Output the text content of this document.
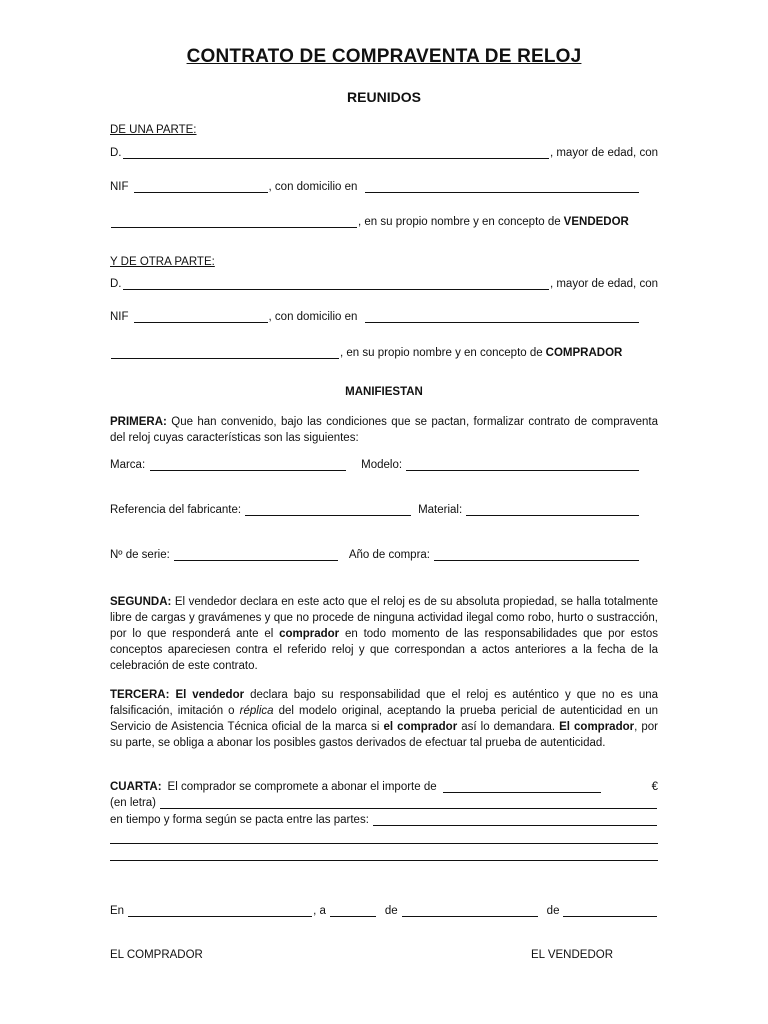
CONTRATO DE COMPRAVENTA DE RELOJ
REUNIDOS
DE UNA PARTE:
D.	, mayor de edad, con
NIF	, con domicilio en
, en su propio nombre y en concepto de VENDEDOR
Y DE OTRA PARTE:
D.	, mayor de edad, con
NIF	, con domicilio en
, en su propio nombre y en concepto de COMPRADOR
MANIFIESTAN
PRIMERA: Que han convenido, bajo las condiciones que se pactan, formalizar contrato de compraventa del reloj cuyas características son las siguientes:
Marca:	Modelo:
Referencia del fabricante:	Material:
Nº de serie:	Año de compra:
SEGUNDA: El vendedor declara en este acto que el reloj es de su absoluta propiedad, se halla totalmente libre de cargas y gravámenes y que no procede de ninguna actividad ilegal como robo, hurto o sustracción, por lo que responderá ante el comprador en todo momento de las responsabilidades que por estos conceptos apareciesen contra el referido reloj y que correspondan a actos anteriores a la fecha de la celebración de este contrato.
TERCERA: El vendedor declara bajo su responsabilidad que el reloj es auténtico y que no es una falsificación, imitación o réplica del modelo original, aceptando la prueba pericial de autenticidad en un Servicio de Asistencia Técnica oficial de la marca si el comprador así lo demandara. El comprador, por su parte, se obliga a abonar los posibles gastos derivados de efectuar tal prueba de autenticidad.
CUARTA: El comprador se compromete a abonar el importe de	€
(en letra)
en tiempo y forma según se pacta entre las partes:
En	, a	de	de
EL COMPRADOR	EL VENDEDOR
